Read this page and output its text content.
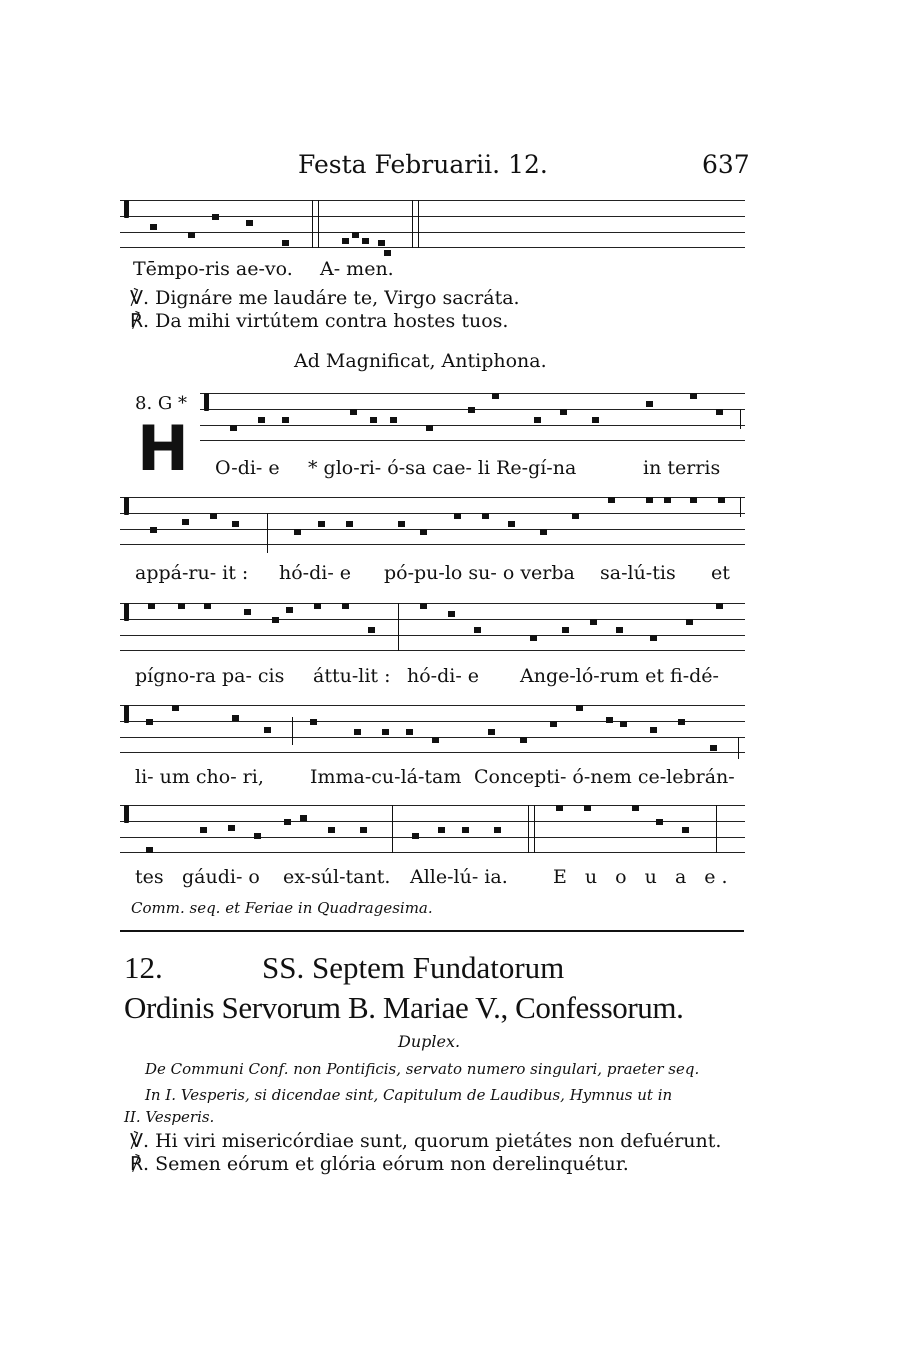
Festa Februarii. 12.	637
Tēmpo-ris ae-vo. A- men.
℣. Dignáre me laudáre te, Virgo sacráta.
℟. Da mihi virtútem contra hostes tuos.
Ad Magnificat, Antiphona.
8. G *
H O-di- e * glo-ri- ó-sa cae- li Re-gí-na	in terris
appá-ru- it : hó-di- e pó-pu-lo su- o verba sa-lú-tis et
pígno-ra pa- cis áttu-lit : hó-di- e Ange-ló-rum et fi-dé-
li- um cho- ri, Imma-cu-lá-tam Concepti- ó-nem ce-lebrán-
tes gáudi- o ex-súl-tant. Alle-lú- ia. E u o u a e.
Comm. seq. et Feriae in Quadragesima.
12.	SS. Septem Fundatorum
Ordinis Servorum B. Mariae V., Confessorum.
Duplex.
De Communi Conf. non Pontificis, servato numero singulari, praeter seq.
In I. Vesperis, si dicendae sint, Capitulum de Laudibus, Hymnus ut in
II. Vesperis.
℣. Hi viri misericórdiae sunt, quorum pietátes non defuérunt.
℟. Semen eórum et glória eórum non derelinquétur.
